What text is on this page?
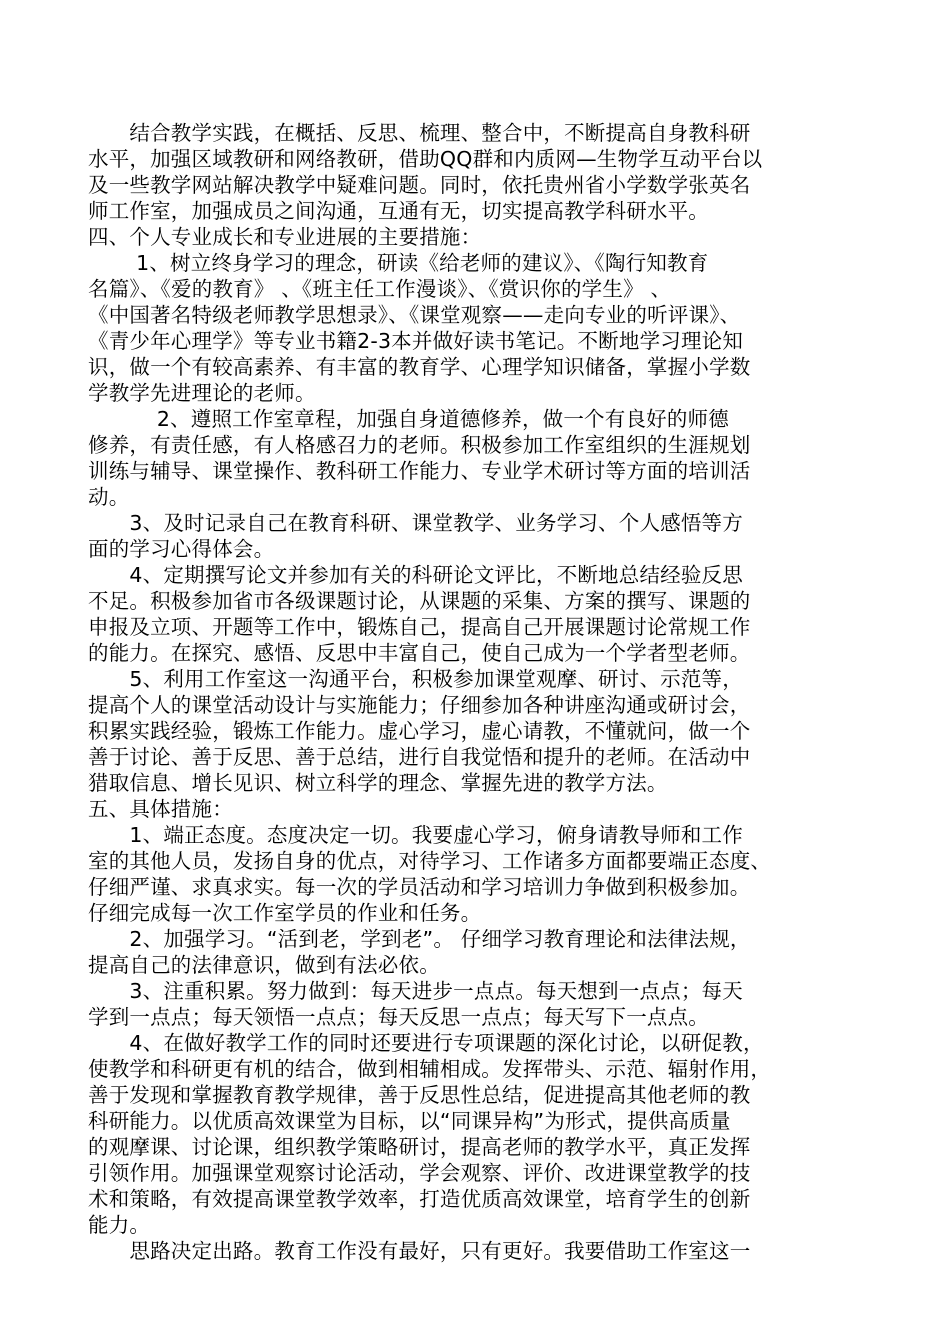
　　结合教学实践，在概括、反思、梳理、整合中，不断提高自身教科研
水平，加强区域教研和网络教研，借助QQ群和内质网—生物学互动平台以
及一些教学网站解决教学中疑难问题。同时，依托贵州省小学数学张英名
师工作室，加强成员之间沟通，互通有无，切实提高教学科研水平。
四、个人专业成长和专业进展的主要措施：
　　 1、树立终身学习的理念，研读《给老师的建议》、《陶行知教育
名篇》、《爱的教育》 、《班主任工作漫谈》、《赏识你的学生》 、
《中国著名特级老师教学思想录》、《课堂观察——走向专业的听评课》、
《青少年心理学》等专业书籍2-3本并做好读书笔记。不断地学习理论知
识，做一个有较高素养、有丰富的教育学、心理学知识储备，掌握小学数
学教学先进理论的老师。
　　　 2、遵照工作室章程，加强自身道德修养，做一个有良好的师德
修养，有责任感，有人格感召力的老师。积极参加工作室组织的生涯规划
训练与辅导、课堂操作、教科研工作能力、专业学术研讨等方面的培训活
动。
　　3、及时记录自己在教育科研、课堂教学、业务学习、个人感悟等方
面的学习心得体会。
　　4、定期撰写论文并参加有关的科研论文评比，不断地总结经验反思
不足。积极参加省市各级课题讨论，从课题的采集、方案的撰写、课题的
申报及立项、开题等工作中，锻炼自己，提高自己开展课题讨论常规工作
的能力。在探究、感悟、反思中丰富自己，使自己成为一个学者型老师。
　　5、利用工作室这一沟通平台，积极参加课堂观摩、研讨、示范等，
提高个人的课堂活动设计与实施能力；仔细参加各种讲座沟通或研讨会，
积累实践经验，锻炼工作能力。虚心学习，虚心请教，不懂就问，做一个
善于讨论、善于反思、善于总结，进行自我觉悟和提升的老师。在活动中
猎取信息、增长见识、树立科学的理念、掌握先进的教学方法。
五、具体措施：
　　1、端正态度。态度决定一切。我要虚心学习，俯身请教导师和工作
室的其他人员，发扬自身的优点，对待学习、工作诸多方面都要端正态度、
仔细严谨、求真求实。每一次的学员活动和学习培训力争做到积极参加。
仔细完成每一次工作室学员的作业和任务。
　　2、加强学习。“活到老，学到老”。 仔细学习教育理论和法律法规，
提高自己的法律意识，做到有法必依。
　　3、注重积累。努力做到：每天进步一点点。每天想到一点点；每天
学到一点点；每天领悟一点点；每天反思一点点；每天写下一点点。
　　4、在做好教学工作的同时还要进行专项课题的深化讨论，以研促教，
使教学和科研更有机的结合，做到相辅相成。发挥带头、示范、辐射作用，
善于发现和掌握教育教学规律，善于反思性总结，促进提高其他老师的教
科研能力。以优质高效课堂为目标，以“同课异构”为形式，提供高质量
的观摩课、讨论课，组织教学策略研讨，提高老师的教学水平，真正发挥
引领作用。加强课堂观察讨论活动，学会观察、评价、改进课堂教学的技
术和策略，有效提高课堂教学效率，打造优质高效课堂，培育学生的创新
能力。
　　思路决定出路。教育工作没有最好，只有更好。我要借助工作室这一
